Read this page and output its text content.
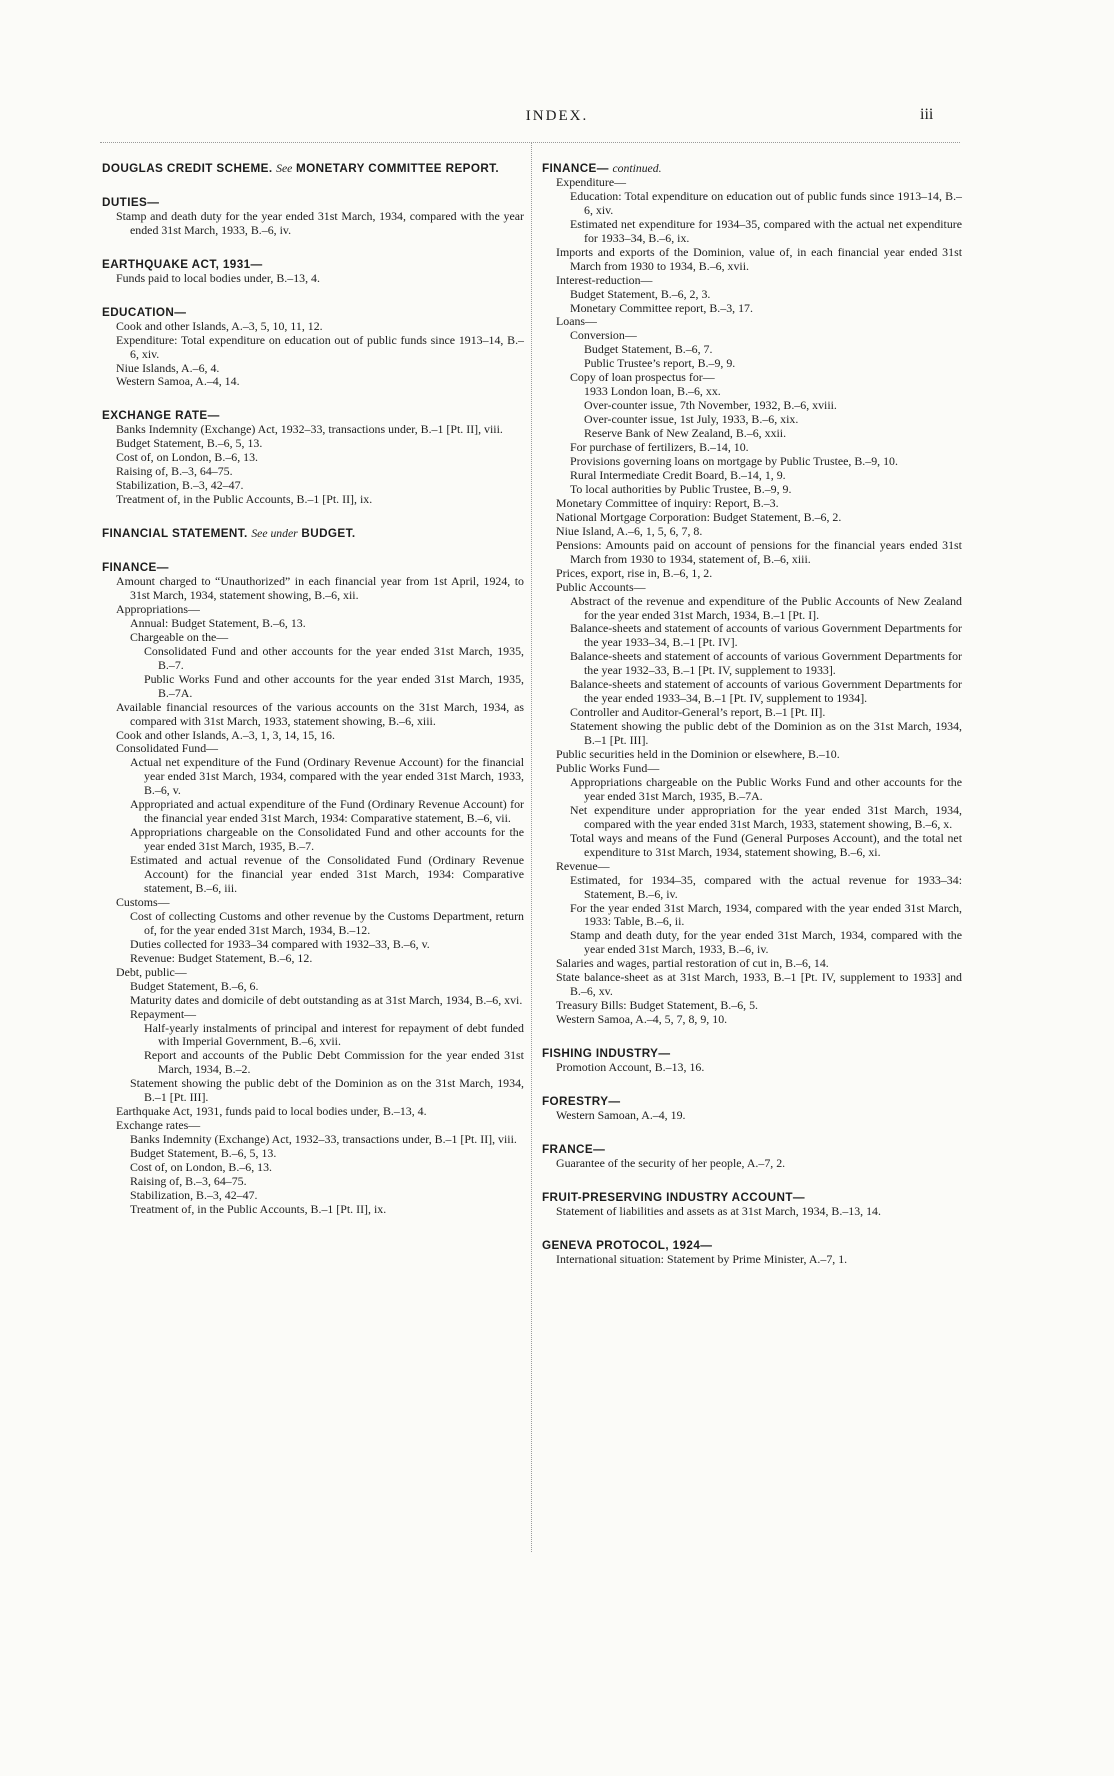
INDEX.	iii

DOUGLAS CREDIT SCHEME. See MONETARY COMMITTEE REPORT.

DUTIES—

Stamp and death duty for the year ended 31st March, 1934, compared with the year ended 31st March, 1933, B.–6, iv.

EARTHQUAKE ACT, 1931—

Funds paid to local bodies under, B.–13, 4.

EDUCATION—

Cook and other Islands, A.–3, 5, 10, 11, 12.

Expenditure: Total expenditure on education out of public funds since 1913–14, B.–6, xiv.

Niue Islands, A.–6, 4.

Western Samoa, A.–4, 14.

EXCHANGE RATE—

Banks Indemnity (Exchange) Act, 1932–33, transactions under, B.–1 [Pt. II], viii.

Budget Statement, B.–6, 5, 13.

Cost of, on London, B.–6, 13.

Raising of, B.–3, 64–75.

Stabilization, B.–3, 42–47.

Treatment of, in the Public Accounts, B.–1 [Pt. II], ix.

FINANCIAL STATEMENT. See under BUDGET.

FINANCE—

Amount charged to “Unauthorized” in each financial year from 1st April, 1924, to 31st March, 1934, statement showing, B.–6, xii.

Appropriations—

Annual: Budget Statement, B.–6, 13.

Chargeable on the—

Consolidated Fund and other accounts for the year ended 31st March, 1935, B.–7.

Public Works Fund and other accounts for the year ended 31st March, 1935, B.–7A.

Available financial resources of the various accounts on the 31st March, 1934, as compared with 31st March, 1933, statement showing, B.–6, xiii.

Cook and other Islands, A.–3, 1, 3, 14, 15, 16.

Consolidated Fund—

Actual net expenditure of the Fund (Ordinary Revenue Account) for the financial year ended 31st March, 1934, compared with the year ended 31st March, 1933, B.–6, v.

Appropriated and actual expenditure of the Fund (Ordinary Revenue Account) for the financial year ended 31st March, 1934: Comparative statement, B.–6, vii.

Appropriations chargeable on the Consolidated Fund and other accounts for the year ended 31st March, 1935, B.–7.

Estimated and actual revenue of the Consolidated Fund (Ordinary Revenue Account) for the financial year ended 31st March, 1934: Comparative statement, B.–6, iii.

Customs—

Cost of collecting Customs and other revenue by the Customs Department, return of, for the year ended 31st March, 1934, B.–12.

Duties collected for 1933–34 compared with 1932–33, B.–6, v.

Revenue: Budget Statement, B.–6, 12.

Debt, public—

Budget Statement, B.–6, 6.

Maturity dates and domicile of debt outstanding as at 31st March, 1934, B.–6, xvi.

Repayment—

Half-yearly instalments of principal and interest for repayment of debt funded with Imperial Government, B.–6, xvii.

Report and accounts of the Public Debt Commission for the year ended 31st March, 1934, B.–2.

Statement showing the public debt of the Dominion as on the 31st March, 1934, B.–1 [Pt. III].

Earthquake Act, 1931, funds paid to local bodies under, B.–13, 4.

Exchange rates—

Banks Indemnity (Exchange) Act, 1932–33, transactions under, B.–1 [Pt. II], viii.

Budget Statement, B.–6, 5, 13.

Cost of, on London, B.–6, 13.

Raising of, B.–3, 64–75.

Stabilization, B.–3, 42–47.

Treatment of, in the Public Accounts, B.–1 [Pt. II], ix.

FINANCE— continued.

Expenditure—

Education: Total expenditure on education out of public funds since 1913–14, B.–6, xiv.

Estimated net expenditure for 1934–35, compared with the actual net expenditure for 1933–34, B.–6, ix.

Imports and exports of the Dominion, value of, in each financial year ended 31st March from 1930 to 1934, B.–6, xvii.

Interest-reduction—

Budget Statement, B.–6, 2, 3.

Monetary Committee report, B.–3, 17.

Loans—

Conversion—

Budget Statement, B.–6, 7.

Public Trustee’s report, B.–9, 9.

Copy of loan prospectus for—

1933 London loan, B.–6, xx.

Over-counter issue, 7th November, 1932, B.–6, xviii.

Over-counter issue, 1st July, 1933, B.–6, xix.

Reserve Bank of New Zealand, B.–6, xxii.

For purchase of fertilizers, B.–14, 10.

Provisions governing loans on mortgage by Public Trustee, B.–9, 10.

Rural Intermediate Credit Board, B.–14, 1, 9.

To local authorities by Public Trustee, B.–9, 9.

Monetary Committee of inquiry: Report, B.–3.

National Mortgage Corporation: Budget Statement, B.–6, 2.

Niue Island, A.–6, 1, 5, 6, 7, 8.

Pensions: Amounts paid on account of pensions for the financial years ended 31st March from 1930 to 1934, statement of, B.–6, xiii.

Prices, export, rise in, B.–6, 1, 2.

Public Accounts—

Abstract of the revenue and expenditure of the Public Accounts of New Zealand for the year ended 31st March, 1934, B.–1 [Pt. I].

Balance-sheets and statement of accounts of various Government Departments for the year 1933–34, B.–1 [Pt. IV].

Balance-sheets and statement of accounts of various Government Departments for the year 1932–33, B.–1 [Pt. IV, supplement to 1933].

Balance-sheets and statement of accounts of various Government Departments for the year ended 1933–34, B.–1 [Pt. IV, supplement to 1934].

Controller and Auditor-General’s report, B.–1 [Pt. II].

Statement showing the public debt of the Dominion as on the 31st March, 1934, B.–1 [Pt. III].

Public securities held in the Dominion or elsewhere, B.–10.

Public Works Fund—

Appropriations chargeable on the Public Works Fund and other accounts for the year ended 31st March, 1935, B.–7A.

Net expenditure under appropriation for the year ended 31st March, 1934, compared with the year ended 31st March, 1933, statement showing, B.–6, x.

Total ways and means of the Fund (General Purposes Account), and the total net expenditure to 31st March, 1934, statement showing, B.–6, xi.

Revenue—

Estimated, for 1934–35, compared with the actual revenue for 1933–34: Statement, B.–6, iv.

For the year ended 31st March, 1934, compared with the year ended 31st March, 1933: Table, B.–6, ii.

Stamp and death duty, for the year ended 31st March, 1934, compared with the year ended 31st March, 1933, B.–6, iv.

Salaries and wages, partial restoration of cut in, B.–6, 14.

State balance-sheet as at 31st March, 1933, B.–1 [Pt. IV, supplement to 1933] and B.–6, xv.

Treasury Bills: Budget Statement, B.–6, 5.

Western Samoa, A.–4, 5, 7, 8, 9, 10.

FISHING INDUSTRY—

Promotion Account, B.–13, 16.

FORESTRY—

Western Samoan, A.–4, 19.

FRANCE—

Guarantee of the security of her people, A.–7, 2.

FRUIT-PRESERVING INDUSTRY ACCOUNT—

Statement of liabilities and assets as at 31st March, 1934, B.–13, 14.

GENEVA PROTOCOL, 1924—

International situation: Statement by Prime Minister, A.–7, 1.
